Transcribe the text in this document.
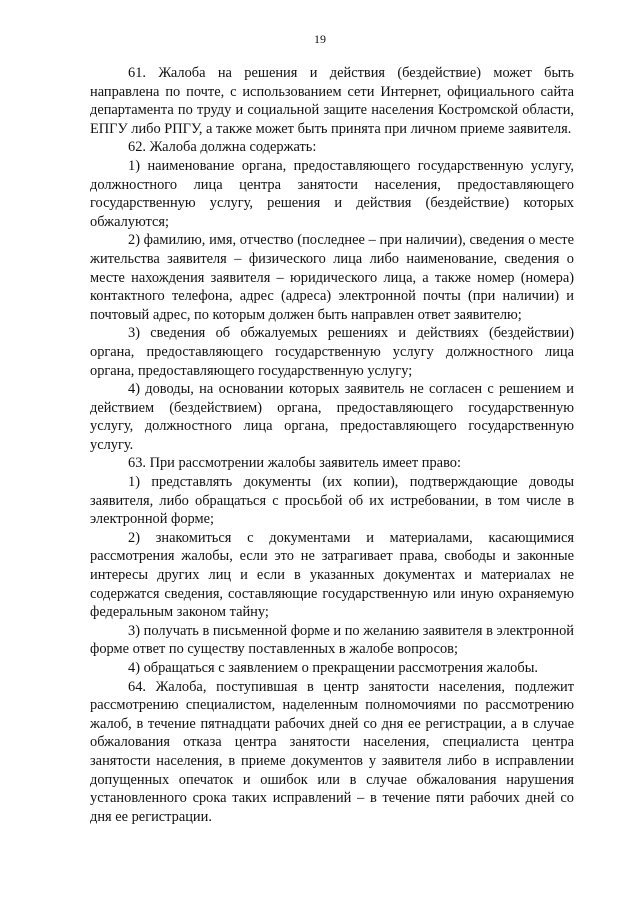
19

61. Жалоба на решения и действия (бездействие) может быть направлена по почте, с использованием сети Интернет, официального сайта департамента по труду и социальной защите населения Костромской области, ЕПГУ либо РПГУ, а также может быть принята при личном приеме заявителя.

62. Жалоба должна содержать:

1) наименование органа, предоставляющего государственную услугу, должностного лица центра занятости населения, предоставляющего государственную услугу, решения и действия (бездействие) которых обжалуются;

2) фамилию, имя, отчество (последнее – при наличии), сведения о месте жительства заявителя – физического лица либо наименование, сведения о месте нахождения заявителя – юридического лица, а также номер (номера) контактного телефона, адрес (адреса) электронной почты (при наличии) и почтовый адрес, по которым должен быть направлен ответ заявителю;

3) сведения об обжалуемых решениях и действиях (бездействии) органа, предоставляющего государственную услугу должностного лица органа, предоставляющего государственную услугу;

4) доводы, на основании которых заявитель не согласен с решением и действием (бездействием) органа, предоставляющего государственную услугу, должностного лица органа, предоставляющего государственную услугу.

63. При рассмотрении жалобы заявитель имеет право:

1) представлять документы (их копии), подтверждающие доводы заявителя, либо обращаться с просьбой об их истребовании, в том числе в электронной форме;

2) знакомиться с документами и материалами, касающимися рассмотрения жалобы, если это не затрагивает права, свободы и законные интересы других лиц и если в указанных документах и материалах не содержатся сведения, составляющие государственную или иную охраняемую федеральным законом тайну;

3) получать в письменной форме и по желанию заявителя в электронной форме ответ по существу поставленных в жалобе вопросов;

4) обращаться с заявлением о прекращении рассмотрения жалобы.

64. Жалоба, поступившая в центр занятости населения, подлежит рассмотрению специалистом, наделенным полномочиями по рассмотрению жалоб, в течение пятнадцати рабочих дней со дня ее регистрации, а в случае обжалования отказа центра занятости населения, специалиста центра занятости населения, в приеме документов у заявителя либо в исправлении допущенных опечаток и ошибок или в случае обжалования нарушения установленного срока таких исправлений – в течение пяти рабочих дней со дня ее регистрации.
